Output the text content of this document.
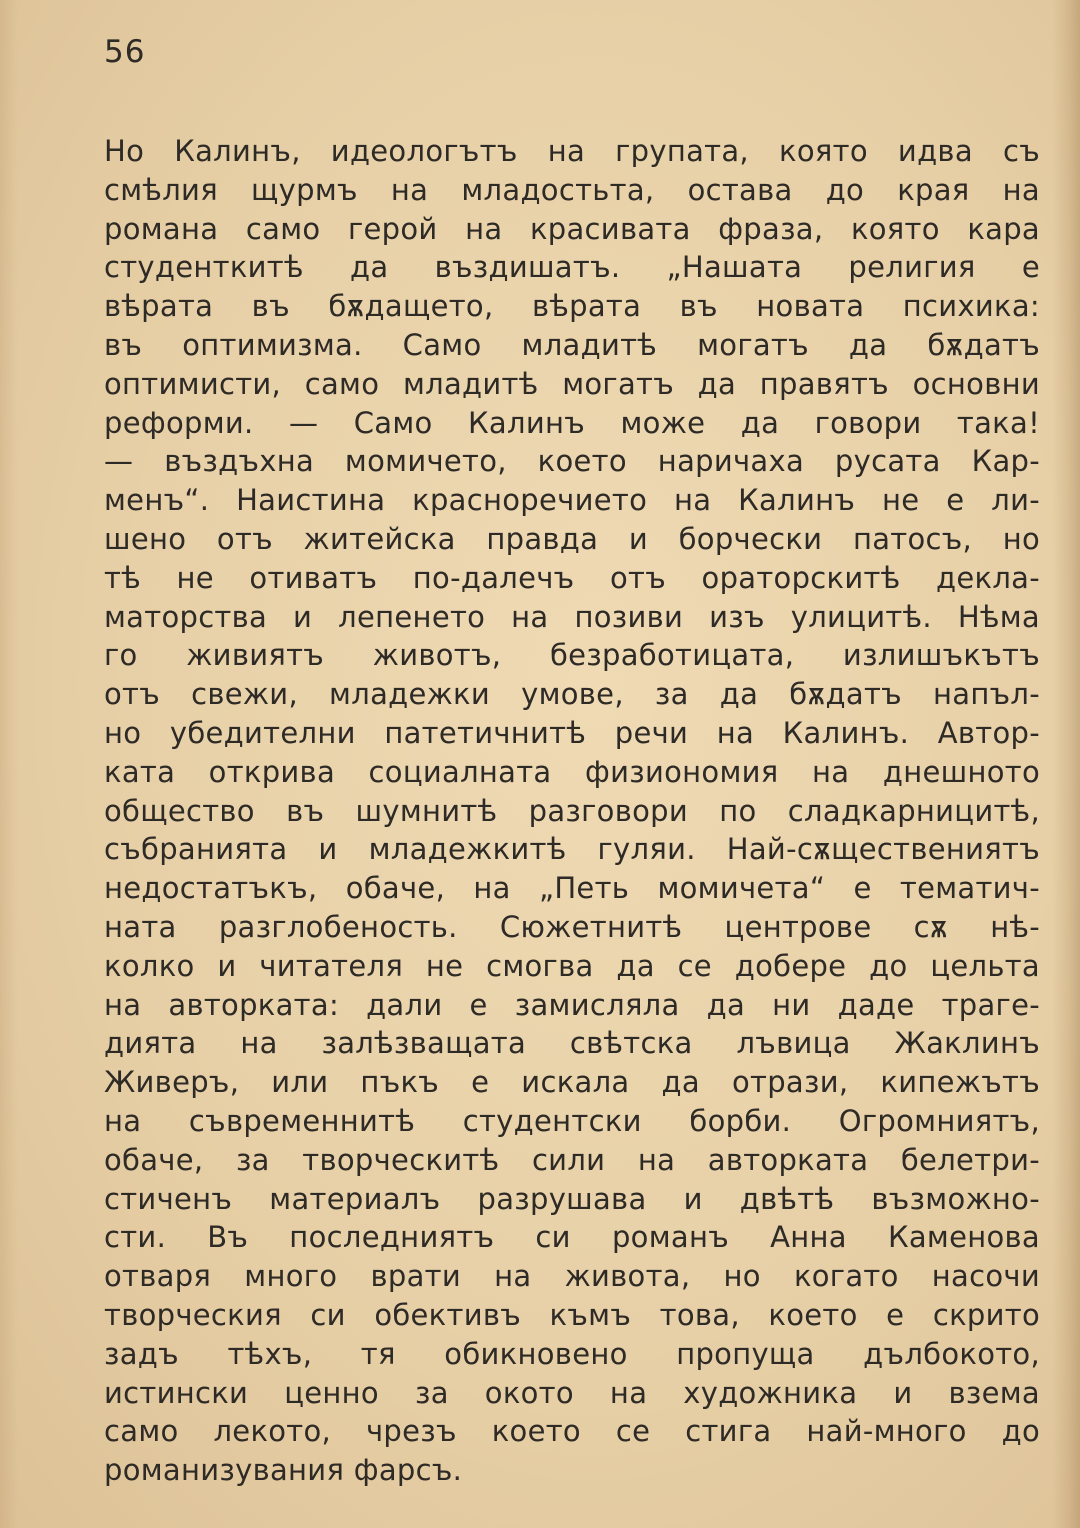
56
Но Калинъ, идеологътъ на групата, която идва съ
смѣлия щурмъ на младостьта, остава до края на
романа само герой на красивата фраза, която кара
студенткитѣ да въздишатъ. „Нашата религия е
вѣрата въ бѫдащето, вѣрата въ новата психика:
въ оптимизма. Само младитѣ могатъ да бѫдатъ
оптимисти, само младитѣ могатъ да правятъ основни
реформи. — Само Калинъ може да говори така!
— въздъхна момичето, което наричаха русата Кар-
менъ“. Наистина красноречието на Калинъ не е ли-
шено отъ житейска правда и борчески патосъ, но
тѣ не отиватъ по-далечъ отъ ораторскитѣ декла-
маторства и лепенето на позиви изъ улицитѣ. Нѣма
го живиятъ животъ, безработицата, излишъкътъ
отъ свежи, младежки умове, за да бѫдатъ напъл-
но убедителни патетичнитѣ речи на Калинъ. Автор-
ката открива социалната физиономия на днешното
общество въ шумнитѣ разговори по сладкарницитѣ,
събранията и младежкитѣ гуляи. Най-сѫществениятъ
недостатъкъ, обаче, на „Петь момичета“ е тематич-
ната разглобеность. Сюжетнитѣ центрове сѫ нѣ-
колко и читателя не смогва да се добере до цельта
на авторката: дали е замисляла да ни даде траге-
дията на залѣзващата свѣтска лъвица Жаклинъ
Живеръ, или пъкъ е искала да отрази, кипежътъ
на съвременнитѣ студентски борби. Огромниятъ,
обаче, за творческитѣ сили на авторката белетри-
стиченъ материалъ разрушава и двѣтѣ възможно-
сти. Въ последниятъ си романъ Анна Каменова
отваря много врати на живота, но когато насочи
творческия си обективъ къмъ това, което е скрито
задъ тѣхъ, тя обикновено пропуща дълбокото,
истински ценно за окото на художника и взема
само лекото, чрезъ което се стига най-много до
романизувания фарсъ.
